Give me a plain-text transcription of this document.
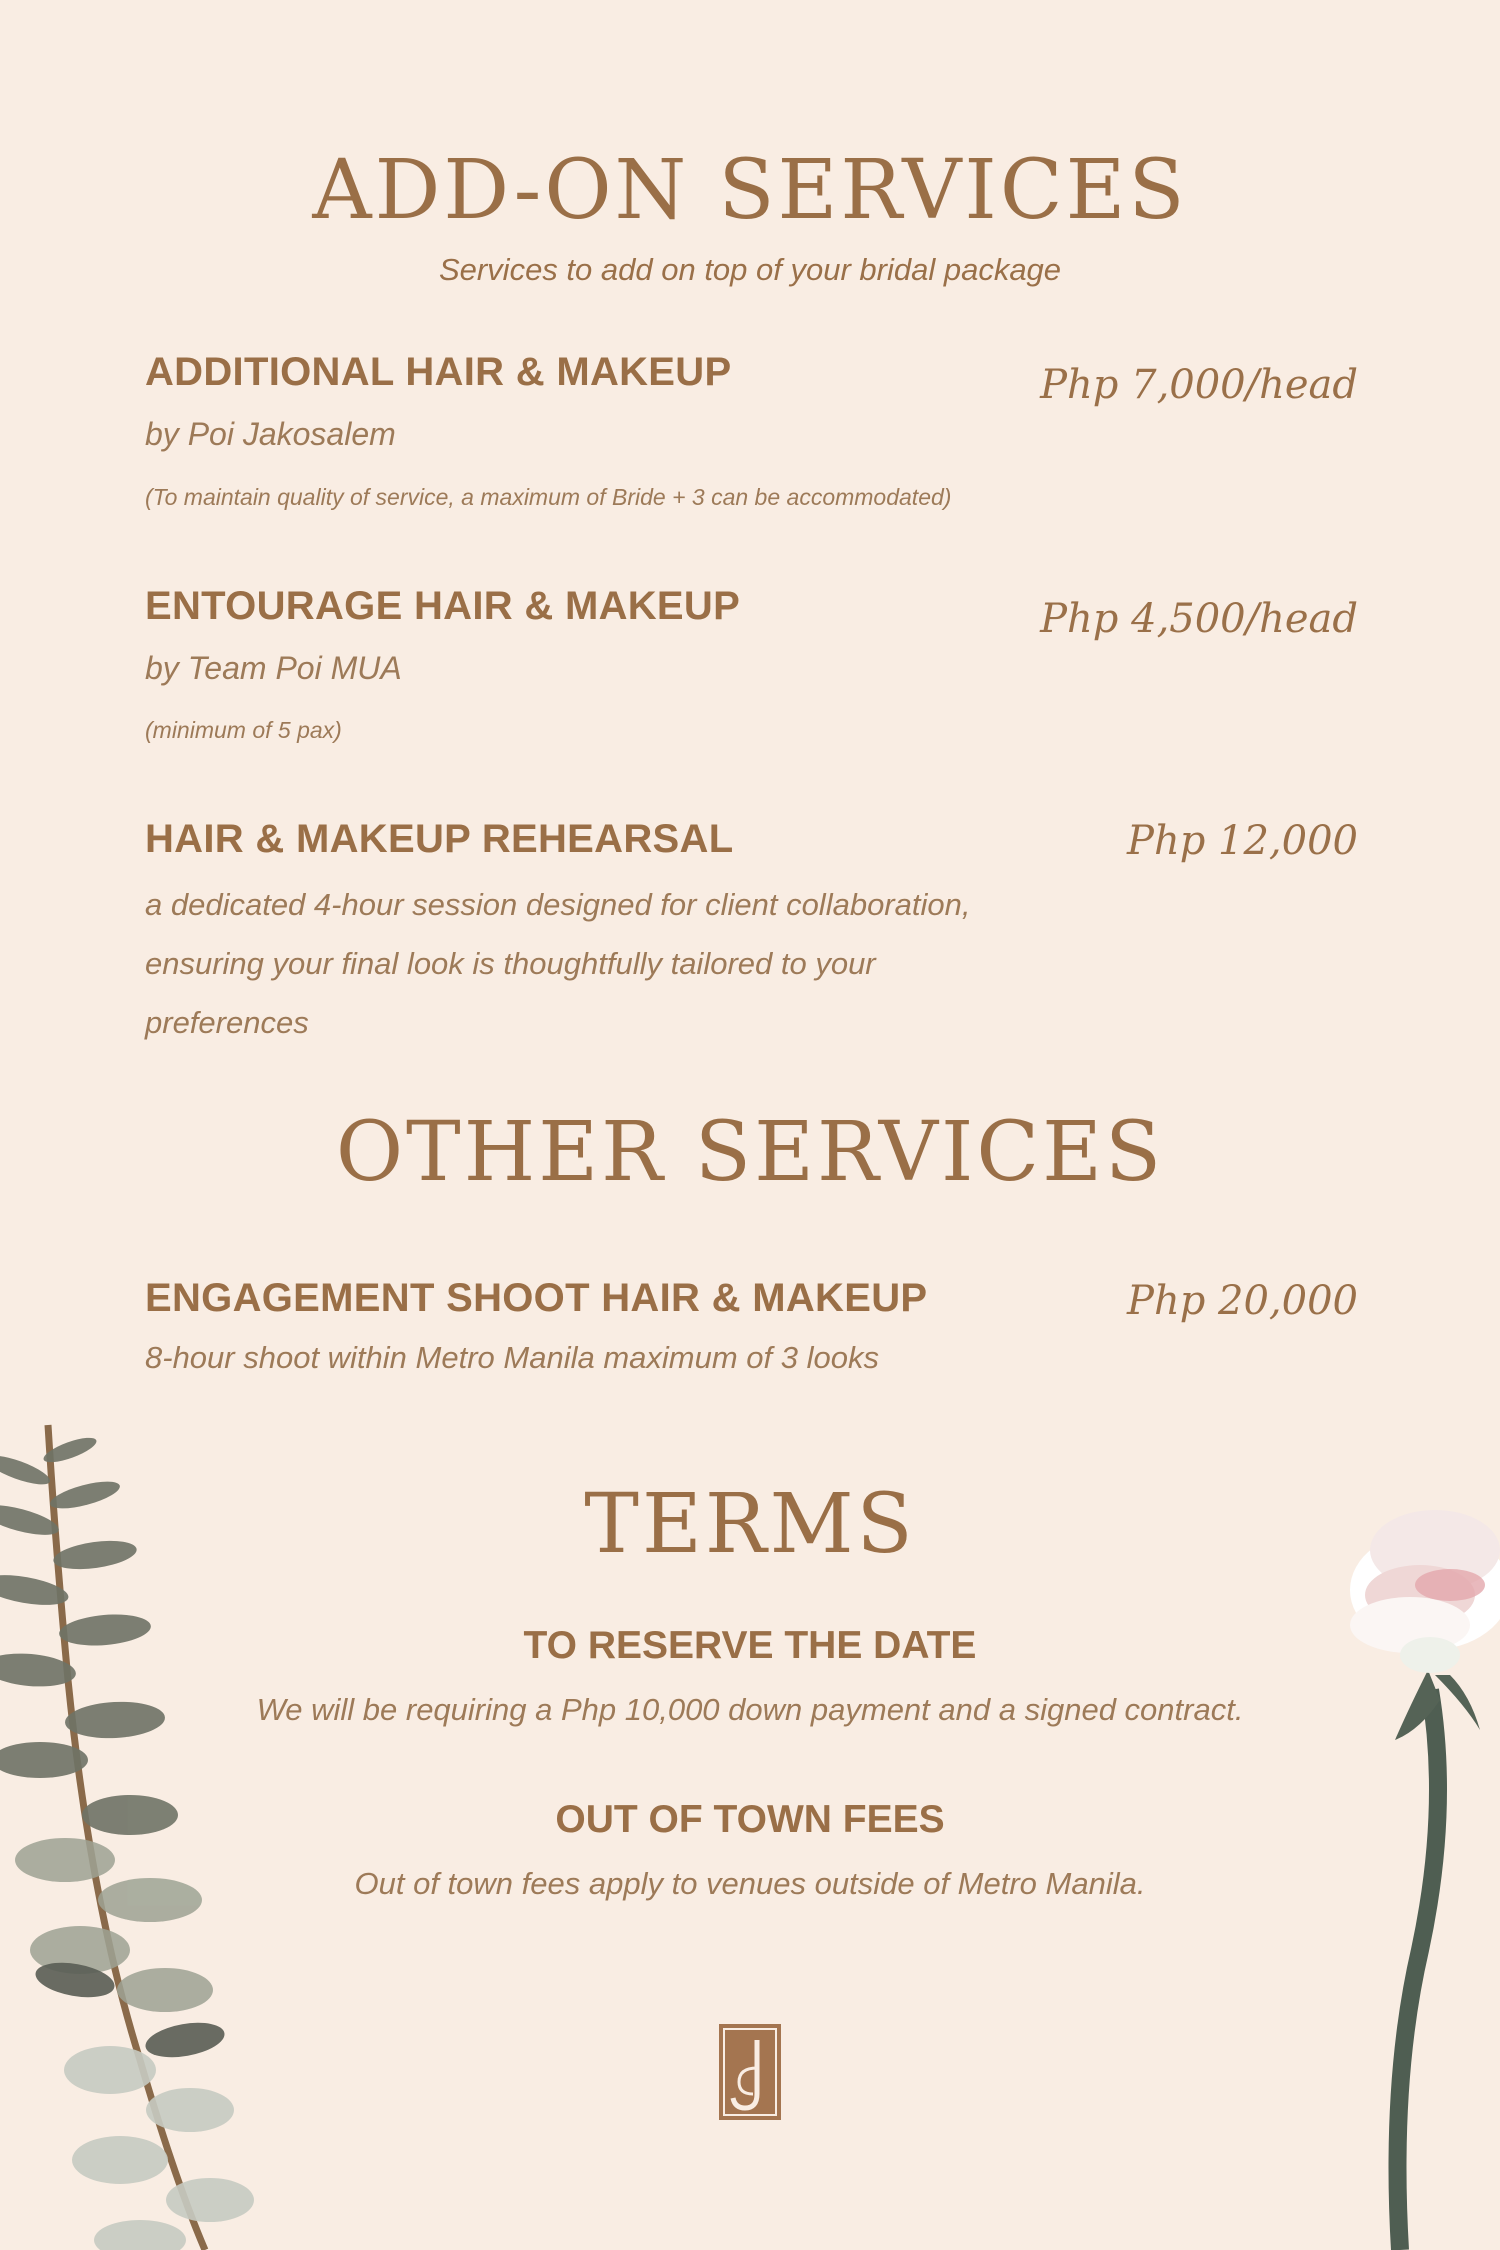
ADD-ON SERVICES
Services to add on top of your bridal package
ADDITIONAL HAIR & MAKEUP	Php 7,000/head
by Poi Jakosalem
(To maintain quality of service, a maximum of Bride + 3 can be accommodated)
ENTOURAGE HAIR & MAKEUP	Php 4,500/head
by Team Poi MUA
(minimum of 5 pax)
HAIR & MAKEUP REHEARSAL	Php 12,000
a dedicated 4-hour session designed for client collaboration,
ensuring your final look is thoughtfully tailored to your
preferences
OTHER SERVICES
ENGAGEMENT SHOOT HAIR & MAKEUP	Php 20,000
8-hour shoot within Metro Manila maximum of 3 looks
TERMS
TO RESERVE THE DATE
We will be requiring a Php 10,000 down payment and a signed contract.
OUT OF TOWN FEES
Out of town fees apply to venues outside of Metro Manila.
